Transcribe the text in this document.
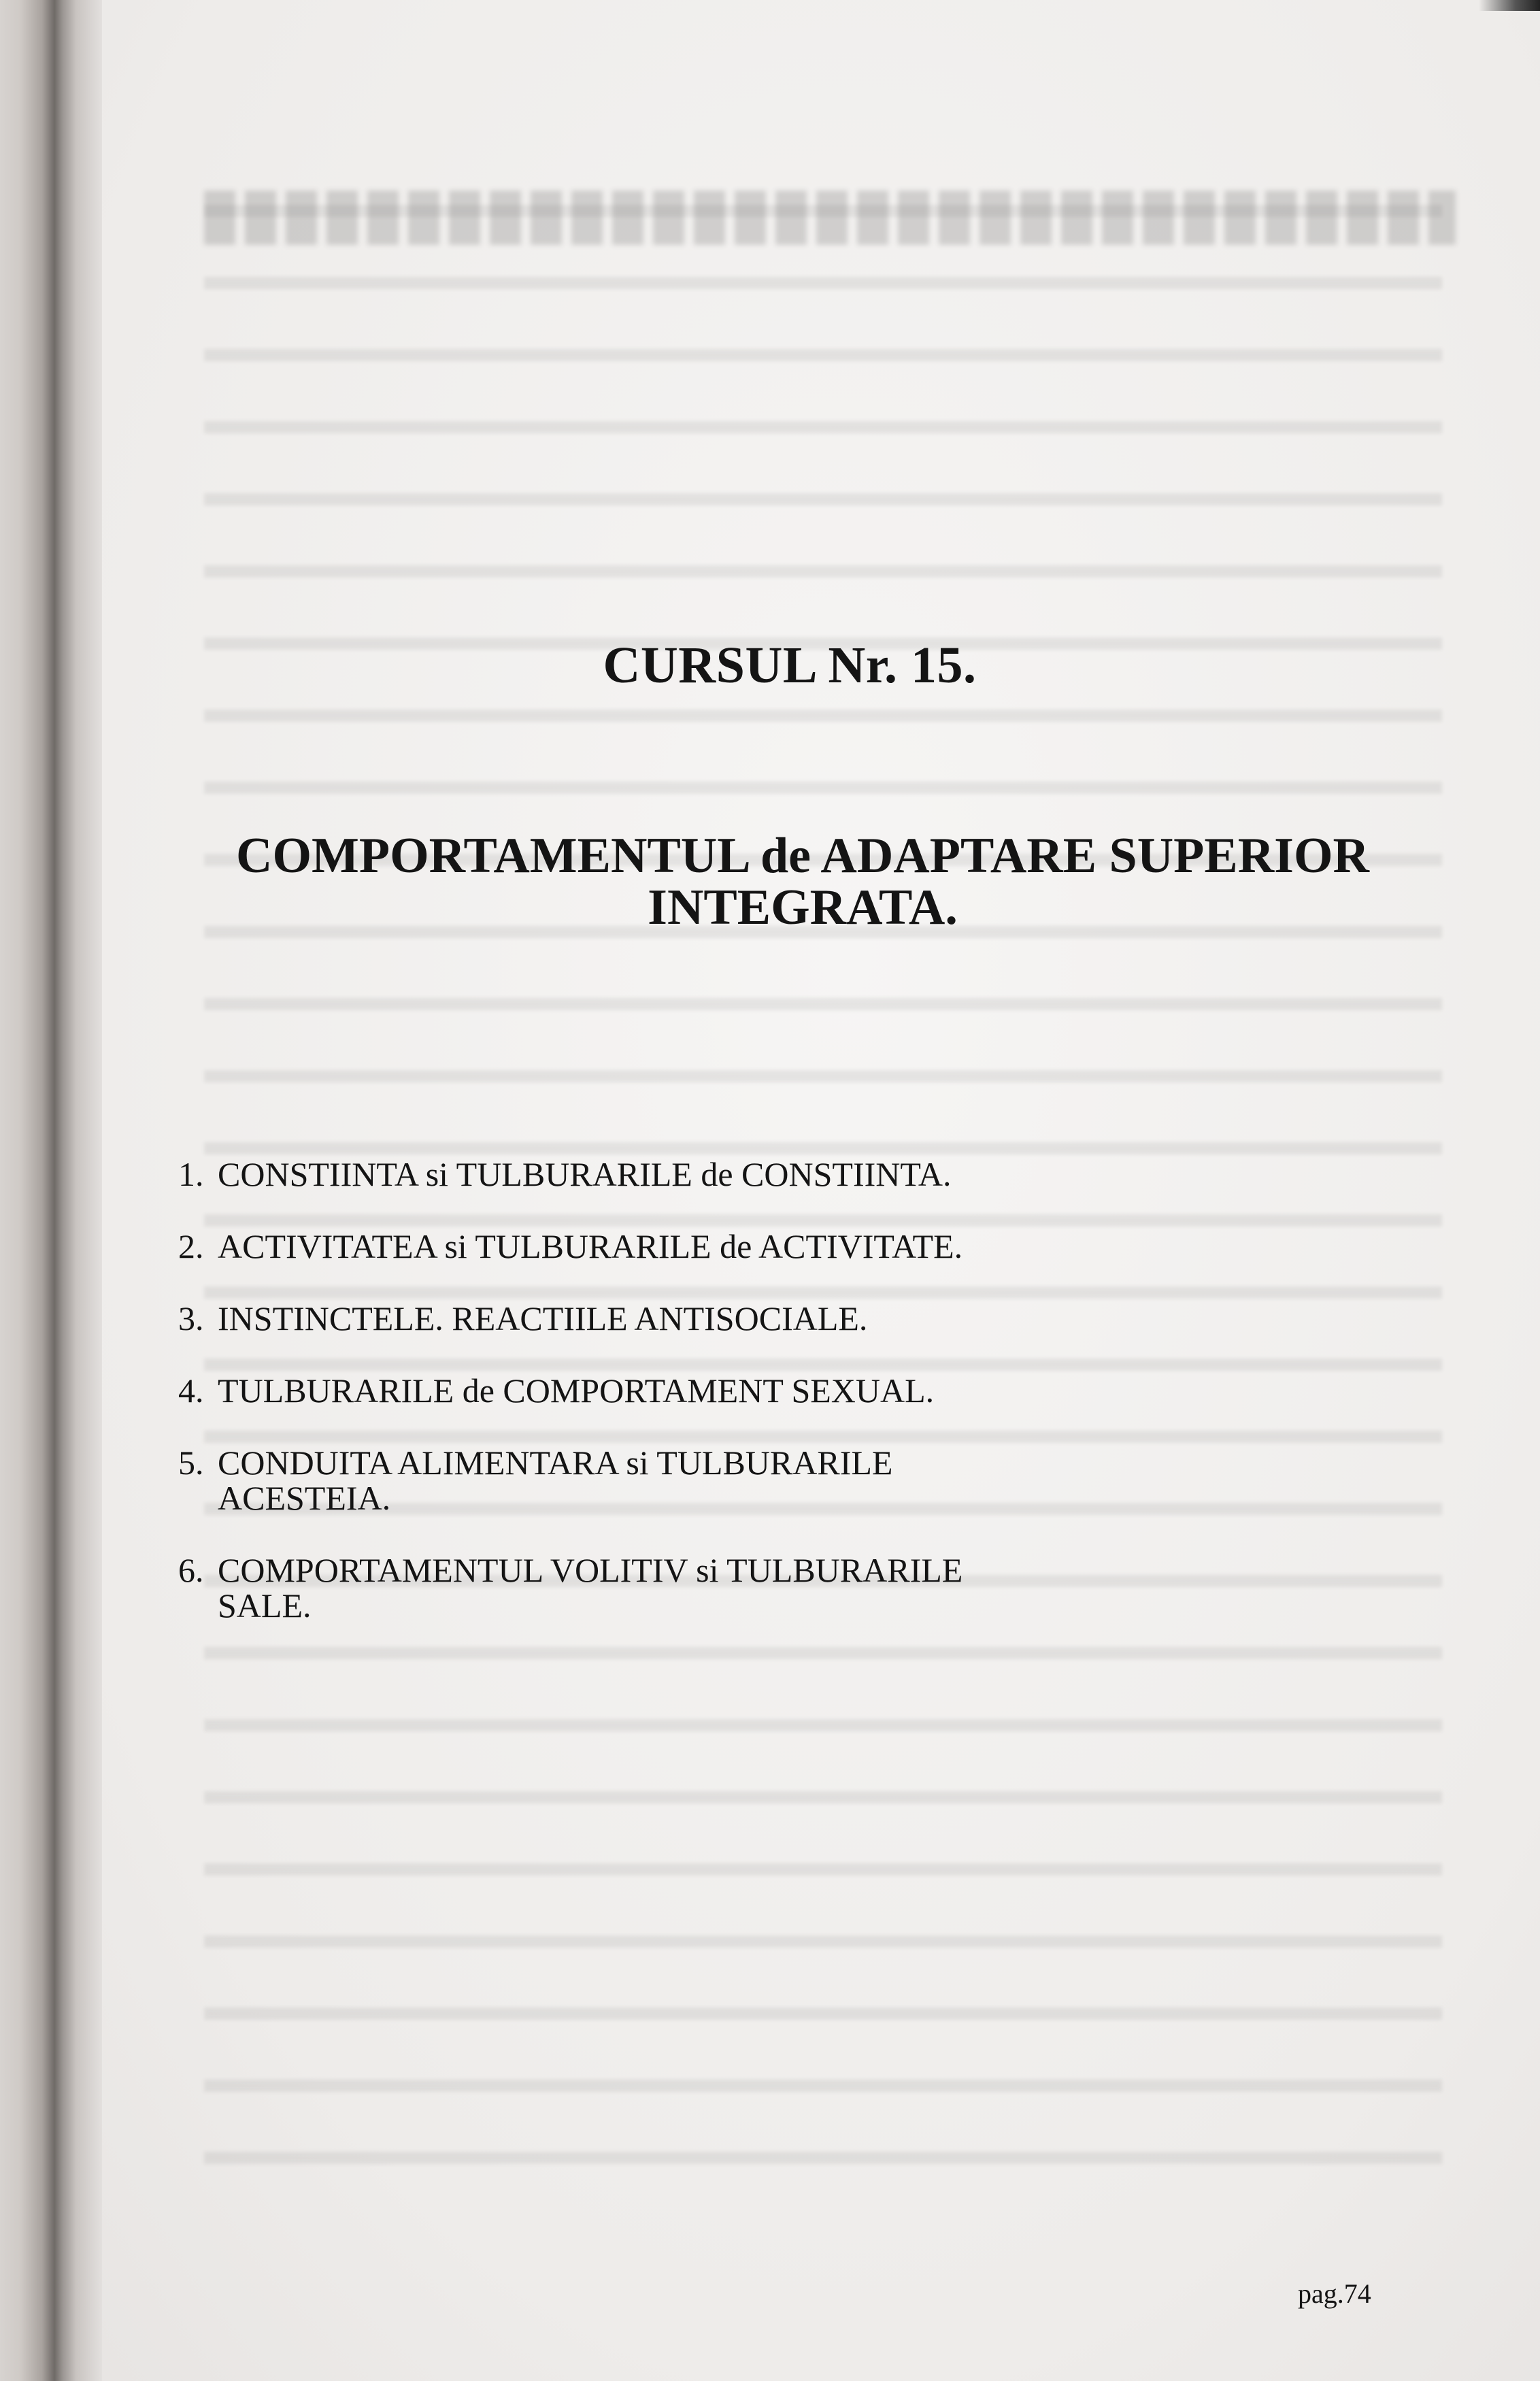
CURSUL Nr. 15.
COMPORTAMENTUL de ADAPTARE SUPERIOR
INTEGRATA.
1. CONSTIINTA si TULBURARILE de CONSTIINTA.
2. ACTIVITATEA si TULBURARILE de ACTIVITATE.
3. INSTINCTELE. REACTIILE ANTISOCIALE.
4. TULBURARILE de COMPORTAMENT SEXUAL.
5. CONDUITA ALIMENTARA si TULBURARILE ACESTEIA.
6. COMPORTAMENTUL VOLITIV si TULBURARILE SALE.
pag.74
